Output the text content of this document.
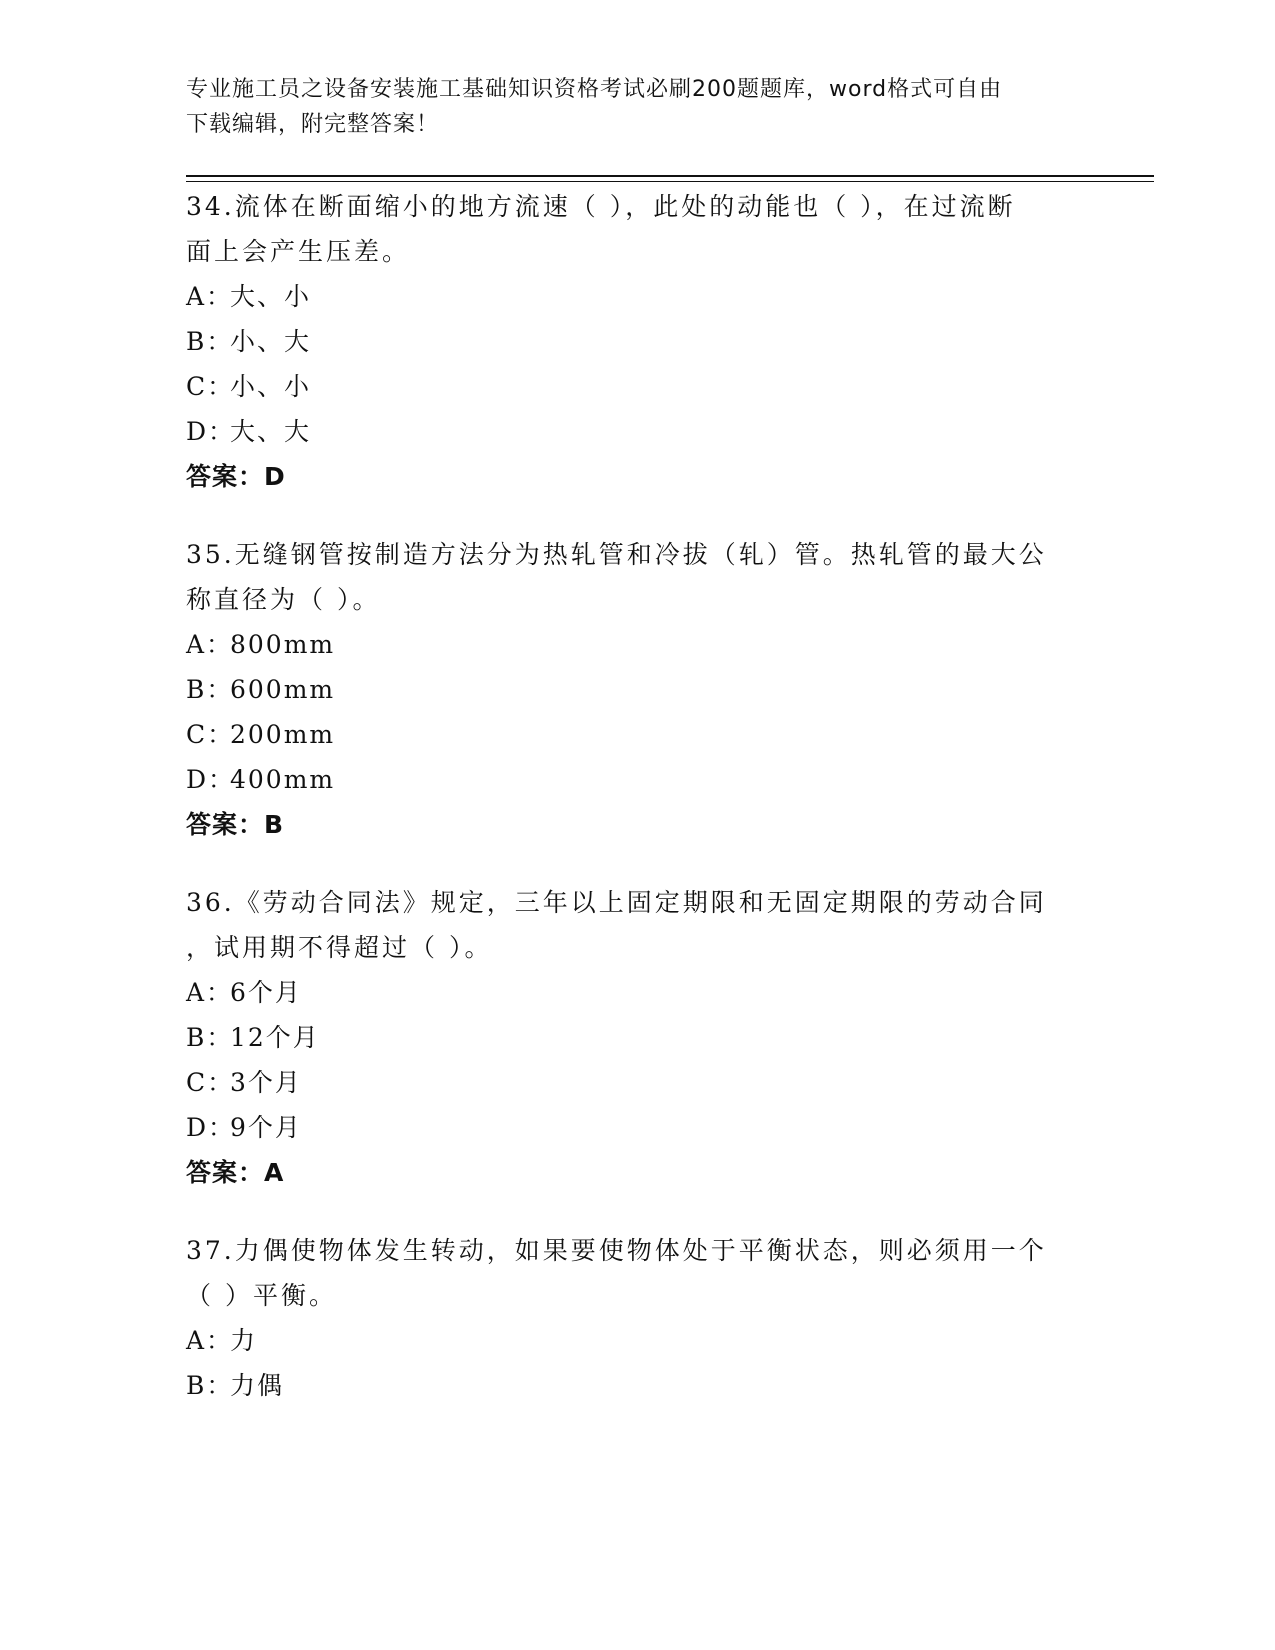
专业施工员之设备安装施工基础知识资格考试必刷200题题库，word格式可自由
下载编辑，附完整答案！
34.流体在断面缩小的地方流速（ ），此处的动能也（ ），在过流断
面上会产生压差。
A：大、小
B：小、大
C：小、小
D：大、大
答案：D
35.无缝钢管按制造方法分为热轧管和冷拔（轧）管。热轧管的最大公
称直径为（ ）。
A：800mm
B：600mm
C：200mm
D：400mm
答案：B
36.《劳动合同法》规定，三年以上固定期限和无固定期限的劳动合同
，试用期不得超过（ ）。
A：6个月
B：12个月
C：3个月
D：9个月
答案：A
37.力偶使物体发生转动，如果要使物体处于平衡状态，则必须用一个
（ ）平衡。
A：力
B：力偶
